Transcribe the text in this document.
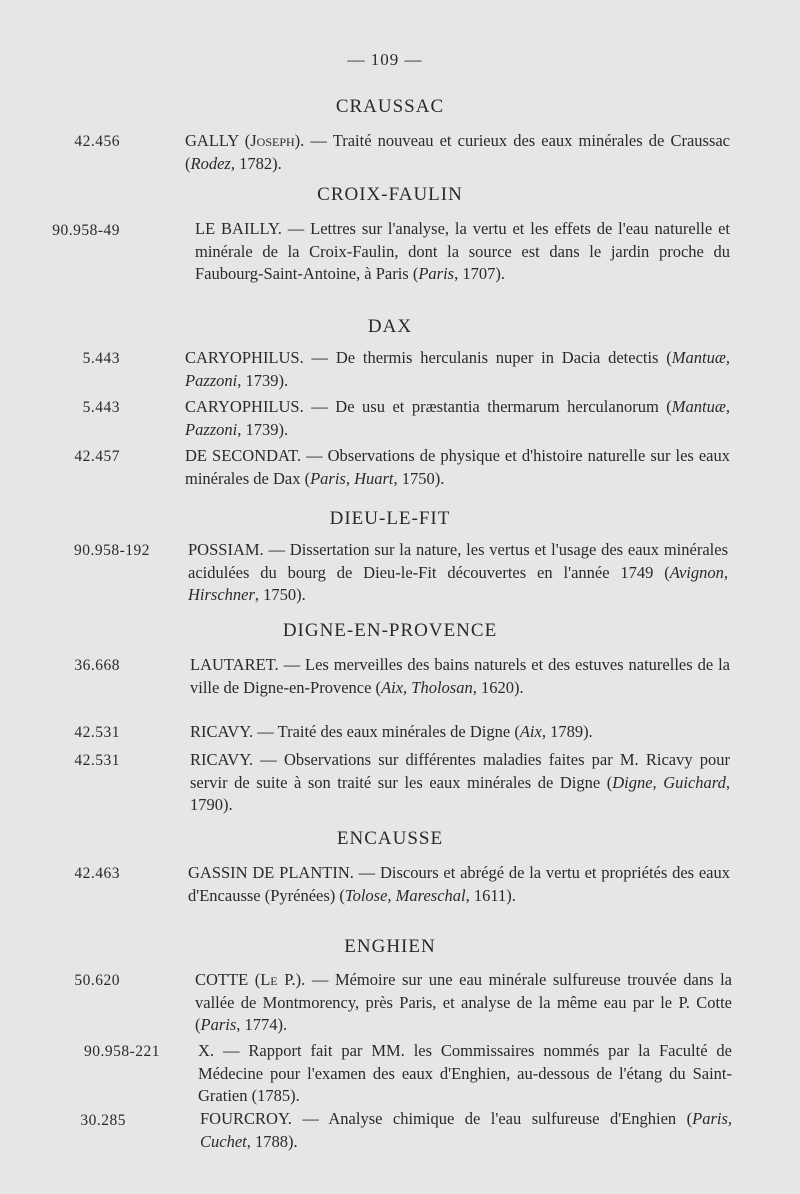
— 109 —
CRAUSSAC
42.456	GALLY (Joseph). — Traité nouveau et curieux des eaux minérales de Craussac (Rodez, 1782).
CROIX-FAULIN
90.958-49	LE BAILLY. — Lettres sur l'analyse, la vertu et les effets de l'eau naturelle et minérale de la Croix-Faulin, dont la source est dans le jardin proche du Faubourg-Saint-Antoine, à Paris (Paris, 1707).
DAX
5.443	CARYOPHILUS. — De thermis herculanis nuper in Dacia detectis (Mantuæ, Pazzoni, 1739).
5.443	CARYOPHILUS. — De usu et præstantia thermarum herculanorum (Mantuæ, Pazzoni, 1739).
42.457	DE SECONDAT. — Observations de physique et d'histoire naturelle sur les eaux minérales de Dax (Paris, Huart, 1750).
DIEU-LE-FIT
90.958-192 POSSIAM. — Dissertation sur la nature, les vertus et l'usage des eaux minérales acidulées du bourg de Dieu-le-Fit découvertes en l'année 1749 (Avignon, Hirschner, 1750).
DIGNE-EN-PROVENCE
36.668	LAUTARET. — Les merveilles des bains naturels et des estuves naturelles de la ville de Digne-en-Provence (Aix, Tholosan, 1620).
42.531	RICAVY. — Traité des eaux minérales de Digne (Aix, 1789).
42.531	RICAVY. — Observations sur différentes maladies faites par M. Ricavy pour servir de suite à son traité sur les eaux minérales de Digne (Digne, Guichard, 1790).
ENCAUSSE
42.463	GASSIN DE PLANTIN. — Discours et abrégé de la vertu et propriétés des eaux d'Encausse (Pyrénées) (Tolose, Mareschal, 1611).
ENGHIEN
50.620	COTTE (Le P.). — Mémoire sur une eau minérale sulfureuse trouvée dans la vallée de Montmorency, près Paris, et analyse de la même eau par le P. Cotte (Paris, 1774).
90.958-221 X. — Rapport fait par MM. les Commissaires nommés par la Faculté de Médecine pour l'examen des eaux d'Enghien, au-dessous de l'étang du Saint-Gratien (1785).
30.285	FOURCROY. — Analyse chimique de l'eau sulfureuse d'Enghien (Paris, Cuchet, 1788).
